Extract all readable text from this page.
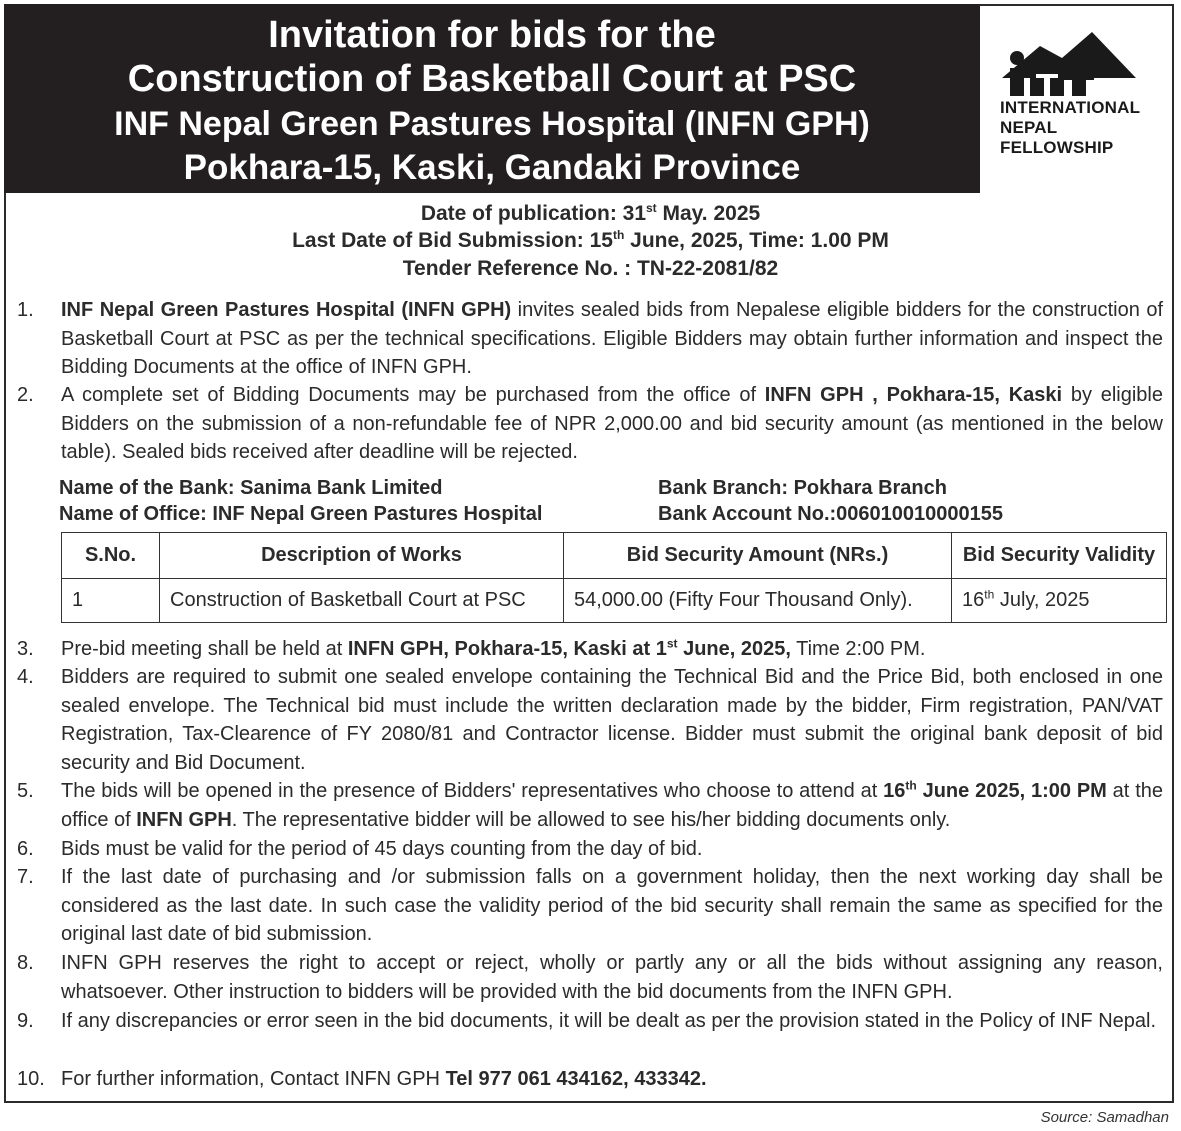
Invitation for bids for the
Construction of Basketball Court at PSC
INF Nepal Green Pastures Hospital (INFN GPH)
Pokhara-15, Kaski, Gandaki Province
INTERNATIONAL
NEPAL
FELLOWSHIP
Date of publication: 31st May. 2025
Last Date of Bid Submission: 15th June, 2025, Time: 1.00 PM
Tender Reference No. : TN-22-2081/82
1. INF Nepal Green Pastures Hospital (INFN GPH) invites sealed bids from Nepalese eligible bidders for the construction of Basketball Court at PSC as per the technical specifications. Eligible Bidders may obtain further information and inspect the Bidding Documents at the office of INFN GPH.
2. A complete set of Bidding Documents may be purchased from the office of INFN GPH , Pokhara-15, Kaski by eligible Bidders on the submission of a non-refundable fee of NPR 2,000.00 and bid security amount (as mentioned in the below table). Sealed bids received after deadline will be rejected.
Name of the Bank: Sanima Bank Limited
Name of Office: INF Nepal Green Pastures Hospital
Bank Branch: Pokhara Branch
Bank Account No.:006010010000155
S.No.	Description of Works	Bid Security Amount (NRs.)	Bid Security Validity
1	Construction of Basketball Court at PSC	54,000.00 (Fifty Four Thousand Only).	16th July, 2025
3. Pre-bid meeting shall be held at INFN GPH, Pokhara-15, Kaski at 1st June, 2025, Time 2:00 PM.
4. Bidders are required to submit one sealed envelope containing the Technical Bid and the Price Bid, both enclosed in one sealed envelope. The Technical bid must include the written declaration made by the bidder, Firm registration, PAN/VAT Registration, Tax-Clearence of FY 2080/81 and Contractor license. Bidder must submit the original bank deposit of bid security and Bid Document.
5. The bids will be opened in the presence of Bidders' representatives who choose to attend at 16th June 2025, 1:00 PM at the office of INFN GPH. The representative bidder will be allowed to see his/her bidding documents only.
6. Bids must be valid for the period of 45 days counting from the day of bid.
7. If the last date of purchasing and /or submission falls on a government holiday, then the next working day shall be considered as the last date. In such case the validity period of the bid security shall remain the same as specified for the original last date of bid submission.
8. INFN GPH reserves the right to accept or reject, wholly or partly any or all the bids without assigning any reason, whatsoever. Other instruction to bidders will be provided with the bid documents from the INFN GPH.
9. If any discrepancies or error seen in the bid documents, it will be dealt as per the provision stated in the Policy of INF Nepal.
10. For further information, Contact INFN GPH Tel 977 061 434162, 433342.
Source: Samadhan
